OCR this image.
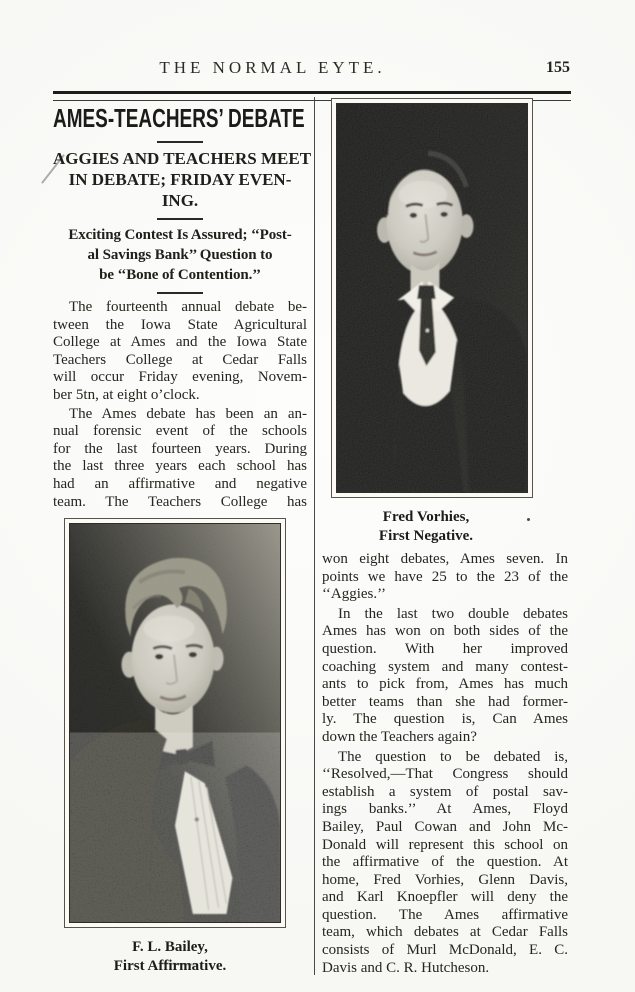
THE NORMAL EYTE.	155
AMES-TEACHERS’ DEBATE
AGGIES AND TEACHERS MEET
IN DEBATE; FRIDAY EVEN-
ING.
Exciting Contest Is Assured; ‘‘Post-
al Savings Bank’’ Question to
be ‘‘Bone of Contention.’’
The fourteenth annual debate be-
tween the Iowa State Agricultural
College at Ames and the Iowa State
Teachers College at Cedar Falls
will occur Friday evening, Novem-
ber 5tn, at eight o’clock.
The Ames debate has been an an-
nual forensic event of the schools
for the last fourteen years. During
the last three years each school has
had an affirmative and negative
team. The Teachers College has
F. L. Bailey,
First Affirmative.
Fred Vorhies,
First Negative.
won eight debates, Ames seven. In
points we have 25 to the 23 of the
‘‘Aggies.’’
In the last two double debates
Ames has won on both sides of the
question. With her improved
coaching system and many contest-
ants to pick from, Ames has much
better teams than she had former-
ly. The question is, Can Ames
down the Teachers again?
The question to be debated is,
‘‘Resolved,—That Congress should
establish a system of postal sav-
ings banks.’’ At Ames, Floyd
Bailey, Paul Cowan and John Mc-
Donald will represent this school on
the affirmative of the question. At
home, Fred Vorhies, Glenn Davis,
and Karl Knoepfler will deny the
question. The Ames affirmative
team, which debates at Cedar Falls
consists of Murl McDonald, E. C.
Davis and C. R. Hutcheson.
